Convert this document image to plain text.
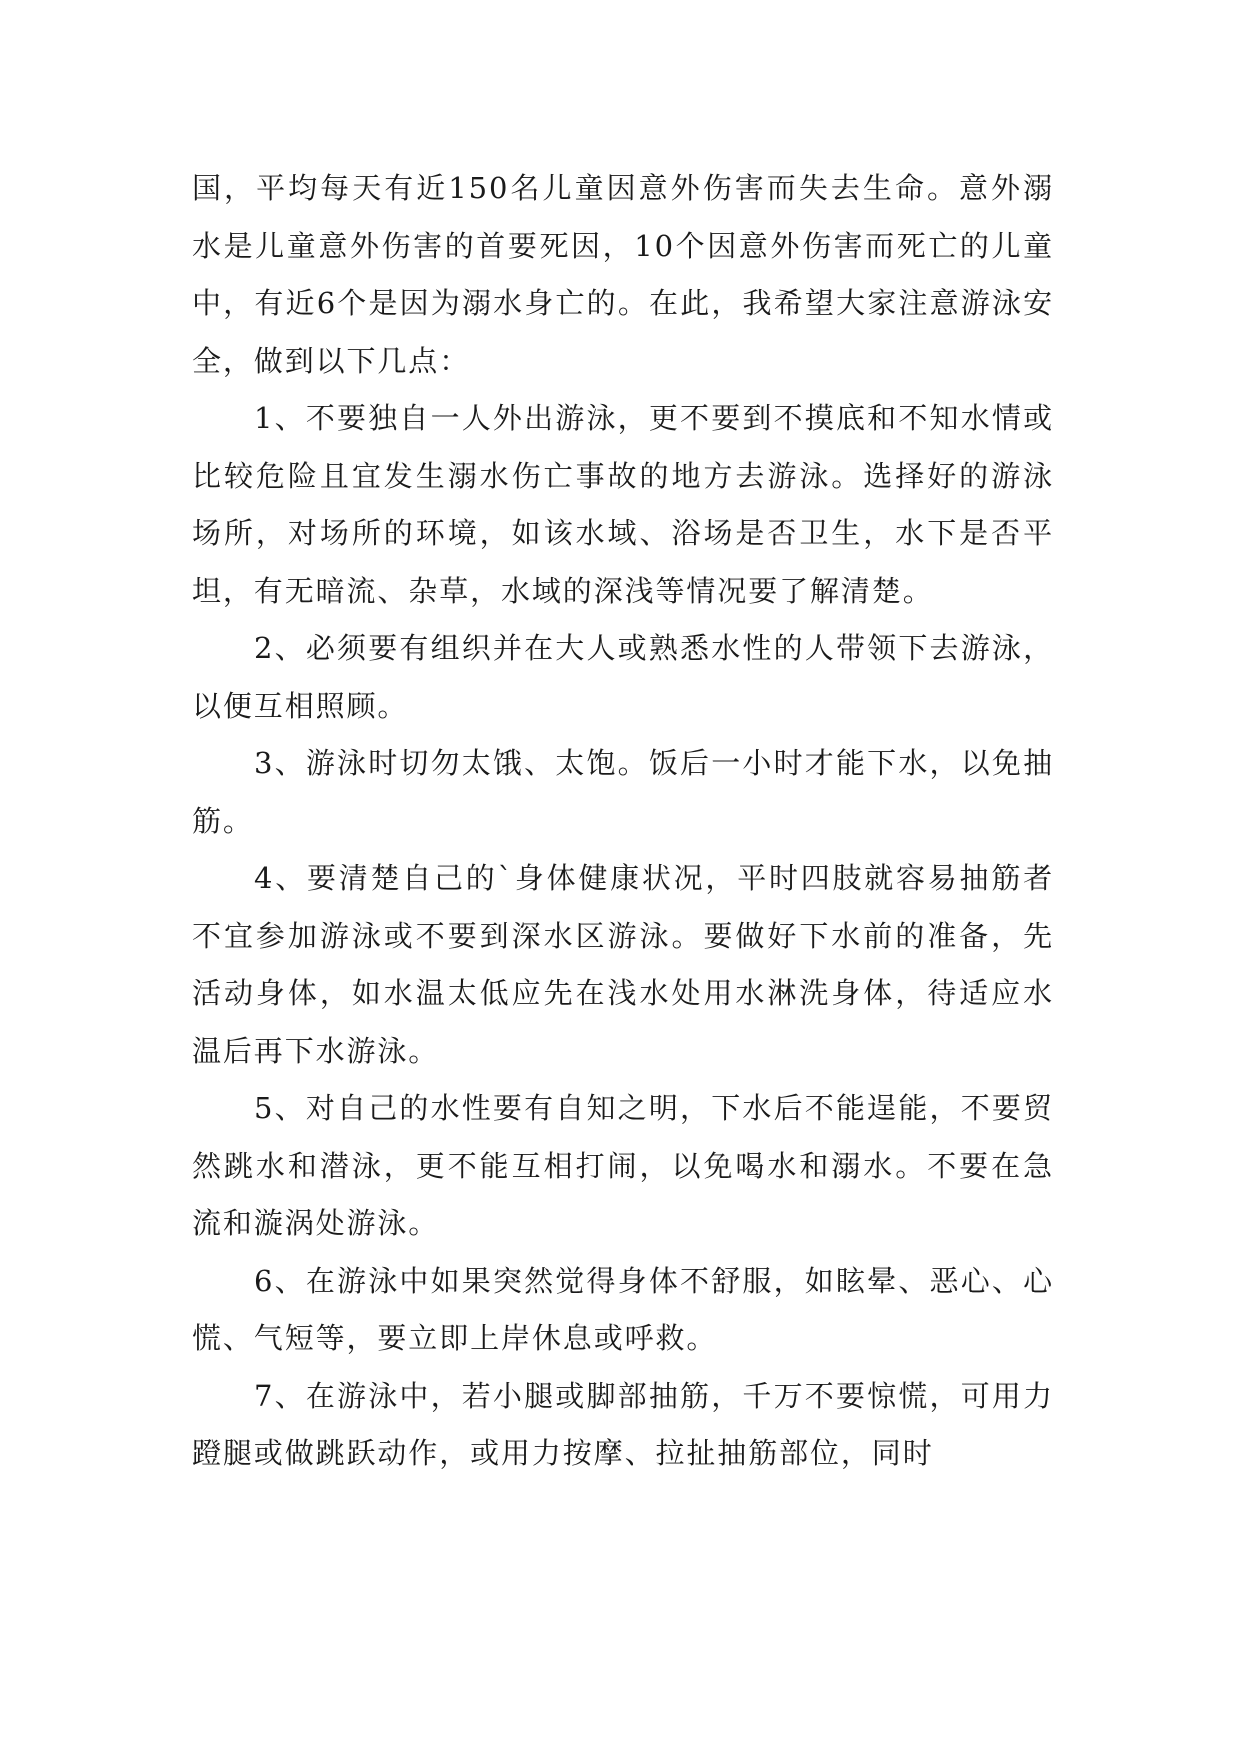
国，平均每天有近150名儿童因意外伤害而失去生命。意外溺水是儿童意外伤害的首要死因，10个因意外伤害而死亡的儿童中，有近6个是因为溺水身亡的。在此，我希望大家注意游泳安全，做到以下几点：

1、不要独自一人外出游泳，更不要到不摸底和不知水情或比较危险且宜发生溺水伤亡事故的地方去游泳。选择好的游泳场所，对场所的环境，如该水域、浴场是否卫生，水下是否平坦，有无暗流、杂草，水域的深浅等情况要了解清楚。

2、必须要有组织并在大人或熟悉水性的人带领下去游泳，以便互相照顾。

3、游泳时切勿太饿、太饱。饭后一小时才能下水，以免抽筋。

4、要清楚自己的`身体健康状况，平时四肢就容易抽筋者不宜参加游泳或不要到深水区游泳。要做好下水前的准备，先活动身体，如水温太低应先在浅水处用水淋洗身体，待适应水温后再下水游泳。

5、对自己的水性要有自知之明，下水后不能逞能，不要贸然跳水和潜泳，更不能互相打闹，以免喝水和溺水。不要在急流和漩涡处游泳。

6、在游泳中如果突然觉得身体不舒服，如眩晕、恶心、心慌、气短等，要立即上岸休息或呼救。

7、在游泳中，若小腿或脚部抽筋，千万不要惊慌，可用力蹬腿或做跳跃动作，或用力按摩、拉扯抽筋部位，同时
